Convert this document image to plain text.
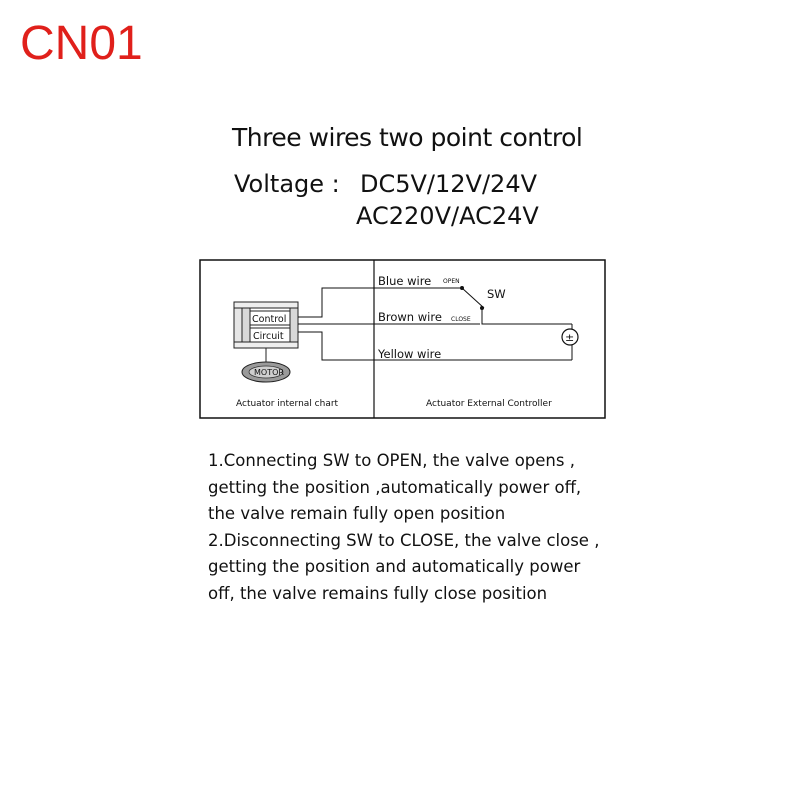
CN01
Three wires two point control
Voltage : DC5V/12V/24V
AC220V/AC24V
Control
Circuit
MOTOR
±
Blue wire OPEN
SW
Brown wire CLOSE
Yellow wire
Actuator internal chart	Actuator External Controller
1.Connecting SW to OPEN, the valve opens ,
getting the position ,automatically power off,
the valve remain fully open position
2.Disconnecting SW to CLOSE, the valve close ,
getting the position and automatically power
off, the valve remains fully close position
